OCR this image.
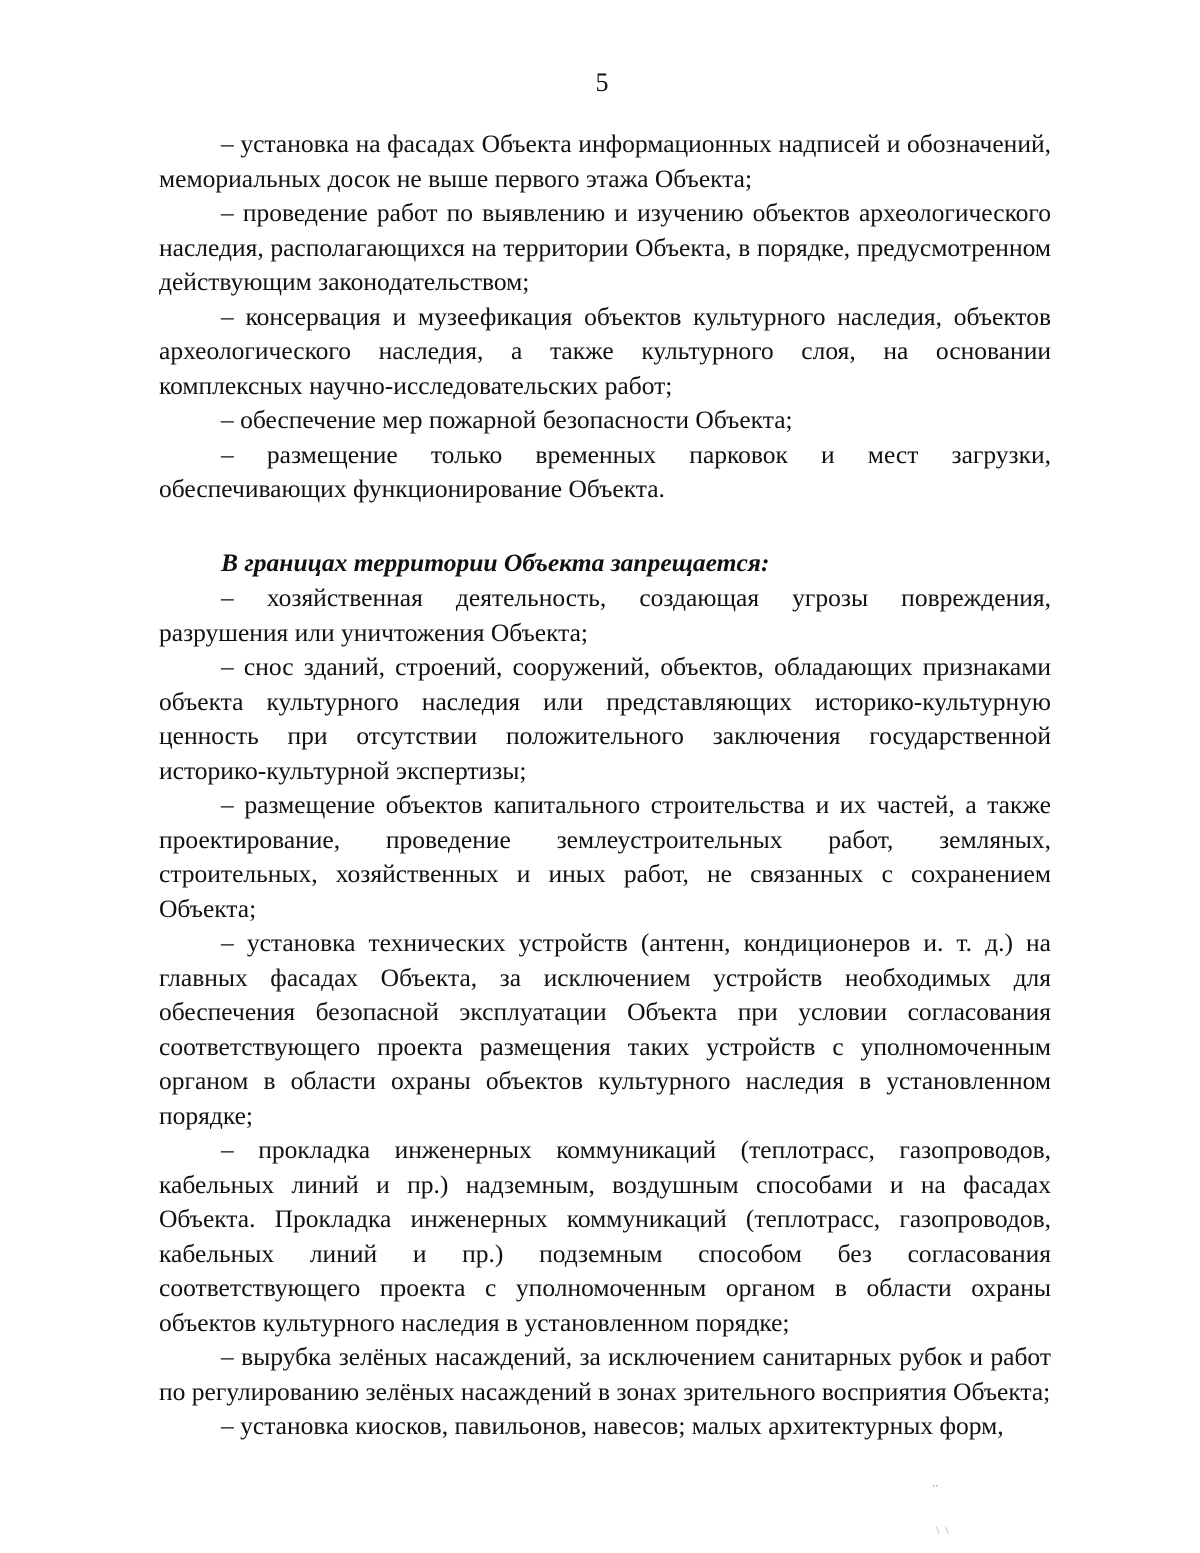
5

– установка на фасадах Объекта информационных надписей и обозначений, мемориальных досок не выше первого этажа Объекта;

– проведение работ по выявлению и изучению объектов археологического наследия, располагающихся на территории Объекта, в порядке, предусмотренном действующим законодательством;

– консервация и музеефикация объектов культурного наследия, объектов археологического наследия, а также культурного слоя, на основании комплексных научно-исследовательских работ;

– обеспечение мер пожарной безопасности Объекта;

– размещение только временных парковок и мест загрузки, обеспечивающих функционирование Объекта.

В границах территории Объекта запрещается:

– хозяйственная деятельность, создающая угрозы повреждения, разрушения или уничтожения Объекта;

– снос зданий, строений, сооружений, объектов, обладающих признаками объекта культурного наследия или представляющих историко-культурную ценность при отсутствии положительного заключения государственной историко-культурной экспертизы;

– размещение объектов капитального строительства и их частей, а также проектирование, проведение землеустроительных работ, земляных, строительных, хозяйственных и иных работ, не связанных с сохранением Объекта;

– установка технических устройств (антенн, кондиционеров и. т. д.) на главных фасадах Объекта, за исключением устройств необходимых для обеспечения безопасной эксплуатации Объекта при условии согласования соответствующего проекта размещения таких устройств с уполномоченным органом в области охраны объектов культурного наследия в установленном порядке;

– прокладка инженерных коммуникаций (теплотрасс, газопроводов, кабельных линий и пр.) надземным, воздушным способами и на фасадах Объекта. Прокладка инженерных коммуникаций (теплотрасс, газопроводов, кабельных линий и пр.) подземным способом без согласования соответствующего проекта с уполномоченным органом в области охраны объектов культурного наследия в установленном порядке;

– вырубка зелёных насаждений, за исключением санитарных рубок и работ по регулированию зелёных насаждений в зонах зрительного восприятия Объекта;

– установка киосков, павильонов, навесов; малых архитектурных форм,

⸳⸳
\  \
